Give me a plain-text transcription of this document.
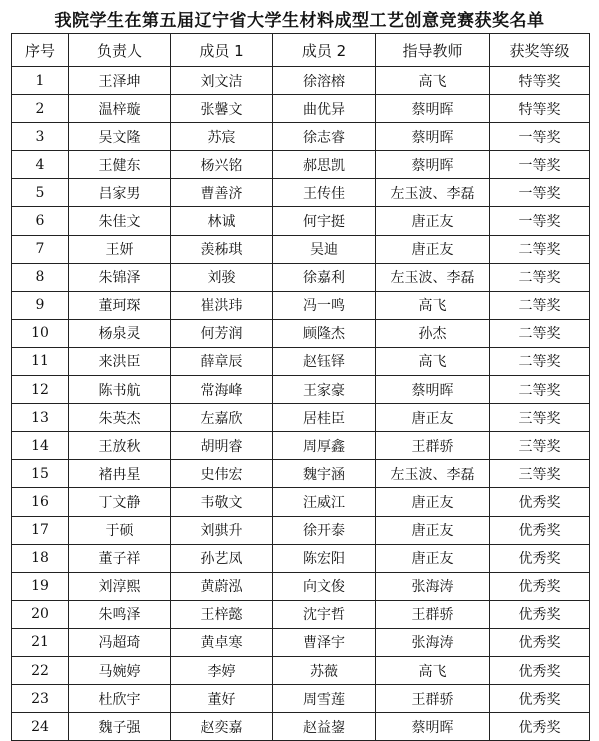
我院学生在第五届辽宁省大学生材料成型工艺创意竞赛获奖名单
序号	负责人	成员 1	成员 2	指导教师	获奖等级
1	王泽坤	刘文洁	徐溶榕	高飞	特等奖
2	温梓璇	张馨文	曲优异	蔡明晖	特等奖
3	吴文隆	苏宸	徐志睿	蔡明晖	一等奖
4	王健东	杨兴铭	郝思凯	蔡明晖	一等奖
5	吕家男	曹善济	王传佳	左玉波、李磊	一等奖
6	朱佳文	林诚	何宇挺	唐正友	一等奖
7	王妍	羡秭琪	吴迪	唐正友	二等奖
8	朱锦泽	刘骏	徐嘉利	左玉波、李磊	二等奖
9	董珂琛	崔洪玮	冯一鸣	高飞	二等奖
10	杨泉灵	何芳润	顾隆杰	孙杰	二等奖
11	来洪臣	薛章辰	赵钰铎	高飞	二等奖
12	陈书航	常海峰	王家豪	蔡明晖	二等奖
13	朱英杰	左嘉欣	居桂臣	唐正友	三等奖
14	王放秋	胡明睿	周厚鑫	王群骄	三等奖
15	褚冉星	史伟宏	魏宇涵	左玉波、李磊	三等奖
16	丁文静	韦敬文	汪威江	唐正友	优秀奖
17	于硕	刘骐升	徐开泰	唐正友	优秀奖
18	董子祥	孙艺凤	陈宏阳	唐正友	优秀奖
19	刘淳熙	黄蔚泓	向文俊	张海涛	优秀奖
20	朱鸣泽	王梓懿	沈宇哲	王群骄	优秀奖
21	冯超琦	黄卓寒	曹泽宇	张海涛	优秀奖
22	马婉婷	李婷	苏薇	高飞	优秀奖
23	杜欣宇	董好	周雪莲	王群骄	优秀奖
24	魏子强	赵奕嘉	赵益鋆	蔡明晖	优秀奖
